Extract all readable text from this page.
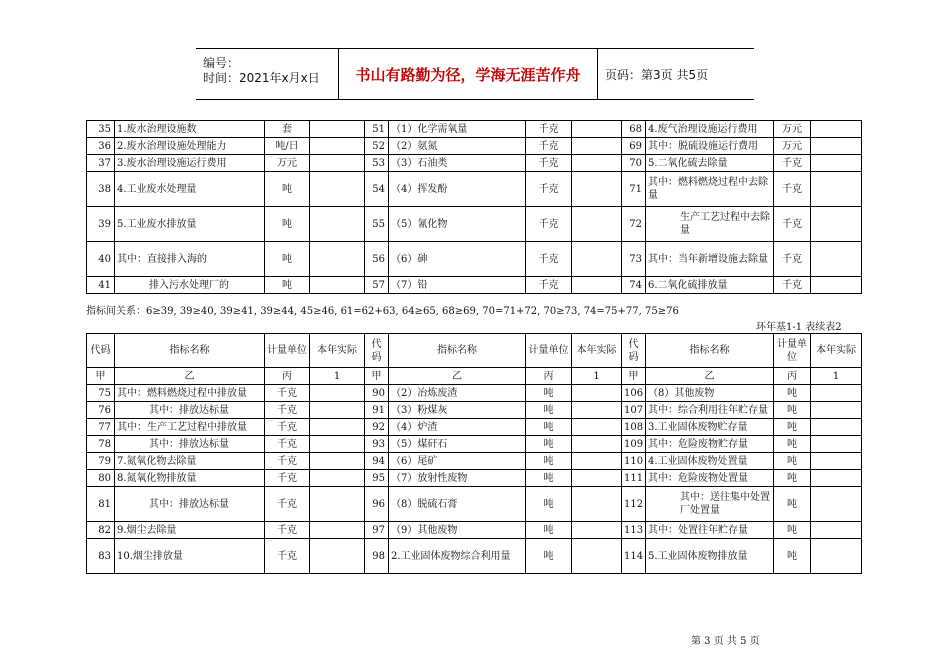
编号：
时间：2021年x月x日	书山有路勤为径，学海无涯苦作舟	页码：第3页 共5页
35	1.废水治理设施数	套		51	（1）化学需氧量	千克		68	4.废气治理设施运行费用	万元	
36	2.废水治理设施处理能力	吨/日		52	（2）氨氮	千克		69	其中：脱硫设施运行费用	万元	
37	3.废水治理设施运行费用	万元		53	（3）石油类	千克		70	5.二氧化硫去除量	千克	
38	4.工业废水处理量	吨		54	（4）挥发酚	千克		71	其中：燃料燃烧过程中去除量	千克	
39	5.工业废水排放量	吨		55	（5）氰化物	千克		72	生产工艺过程中去除量	千克	
40	其中：直接排入海的	吨		56	（6）砷	千克		73	其中：当年新增设施去除量	千克	
41	排入污水处理厂的	吨		57	（7）铅	千克		74	6.二氧化硫排放量	千克	
指标间关系：6≥39, 39≥40, 39≥41, 39≥44, 45≥46, 61=62+63, 64≥65, 68≥69, 70=71+72, 70≥73, 74=75+77, 75≥76
环年基1-1 表续表2
代码	指标名称	计量单位	本年实际	代码	指标名称	计量单位	本年实际	代码	指标名称	计量单位	本年实际
甲	乙	丙	1	甲	乙	丙	1	甲	乙	丙	1
75	其中：燃料燃烧过程中排放量	千克		90	（2）冶炼废渣	吨		106	（8）其他废物	吨	
76	其中：排放达标量	千克		91	（3）粉煤灰	吨		107	其中：综合利用往年贮存量	吨	
77	其中：生产工艺过程中排放量	千克		92	（4）炉渣	吨		108	3.工业固体废物贮存量	吨	
78	其中：排放达标量	千克		93	（5）煤矸石	吨		109	其中：危险废物贮存量	吨	
79	7.氮氧化物去除量	千克		94	（6）尾矿	吨		110	4.工业固体废物处置量	吨	
80	8.氮氧化物排放量	千克		95	（7）放射性废物	吨		111	其中：危险废物处置量	吨	
81	其中：排放达标量	千克		96	（8）脱硫石膏	吨		112	其中：送往集中处置厂处置量	吨	
82	9.烟尘去除量	千克		97	（9）其他废物	吨		113	其中：处置往年贮存量	吨	
83	10.烟尘排放量	千克		98	2.工业固体废物综合利用量	吨		114	5.工业固体废物排放量	吨	
第 3 页 共 5 页
